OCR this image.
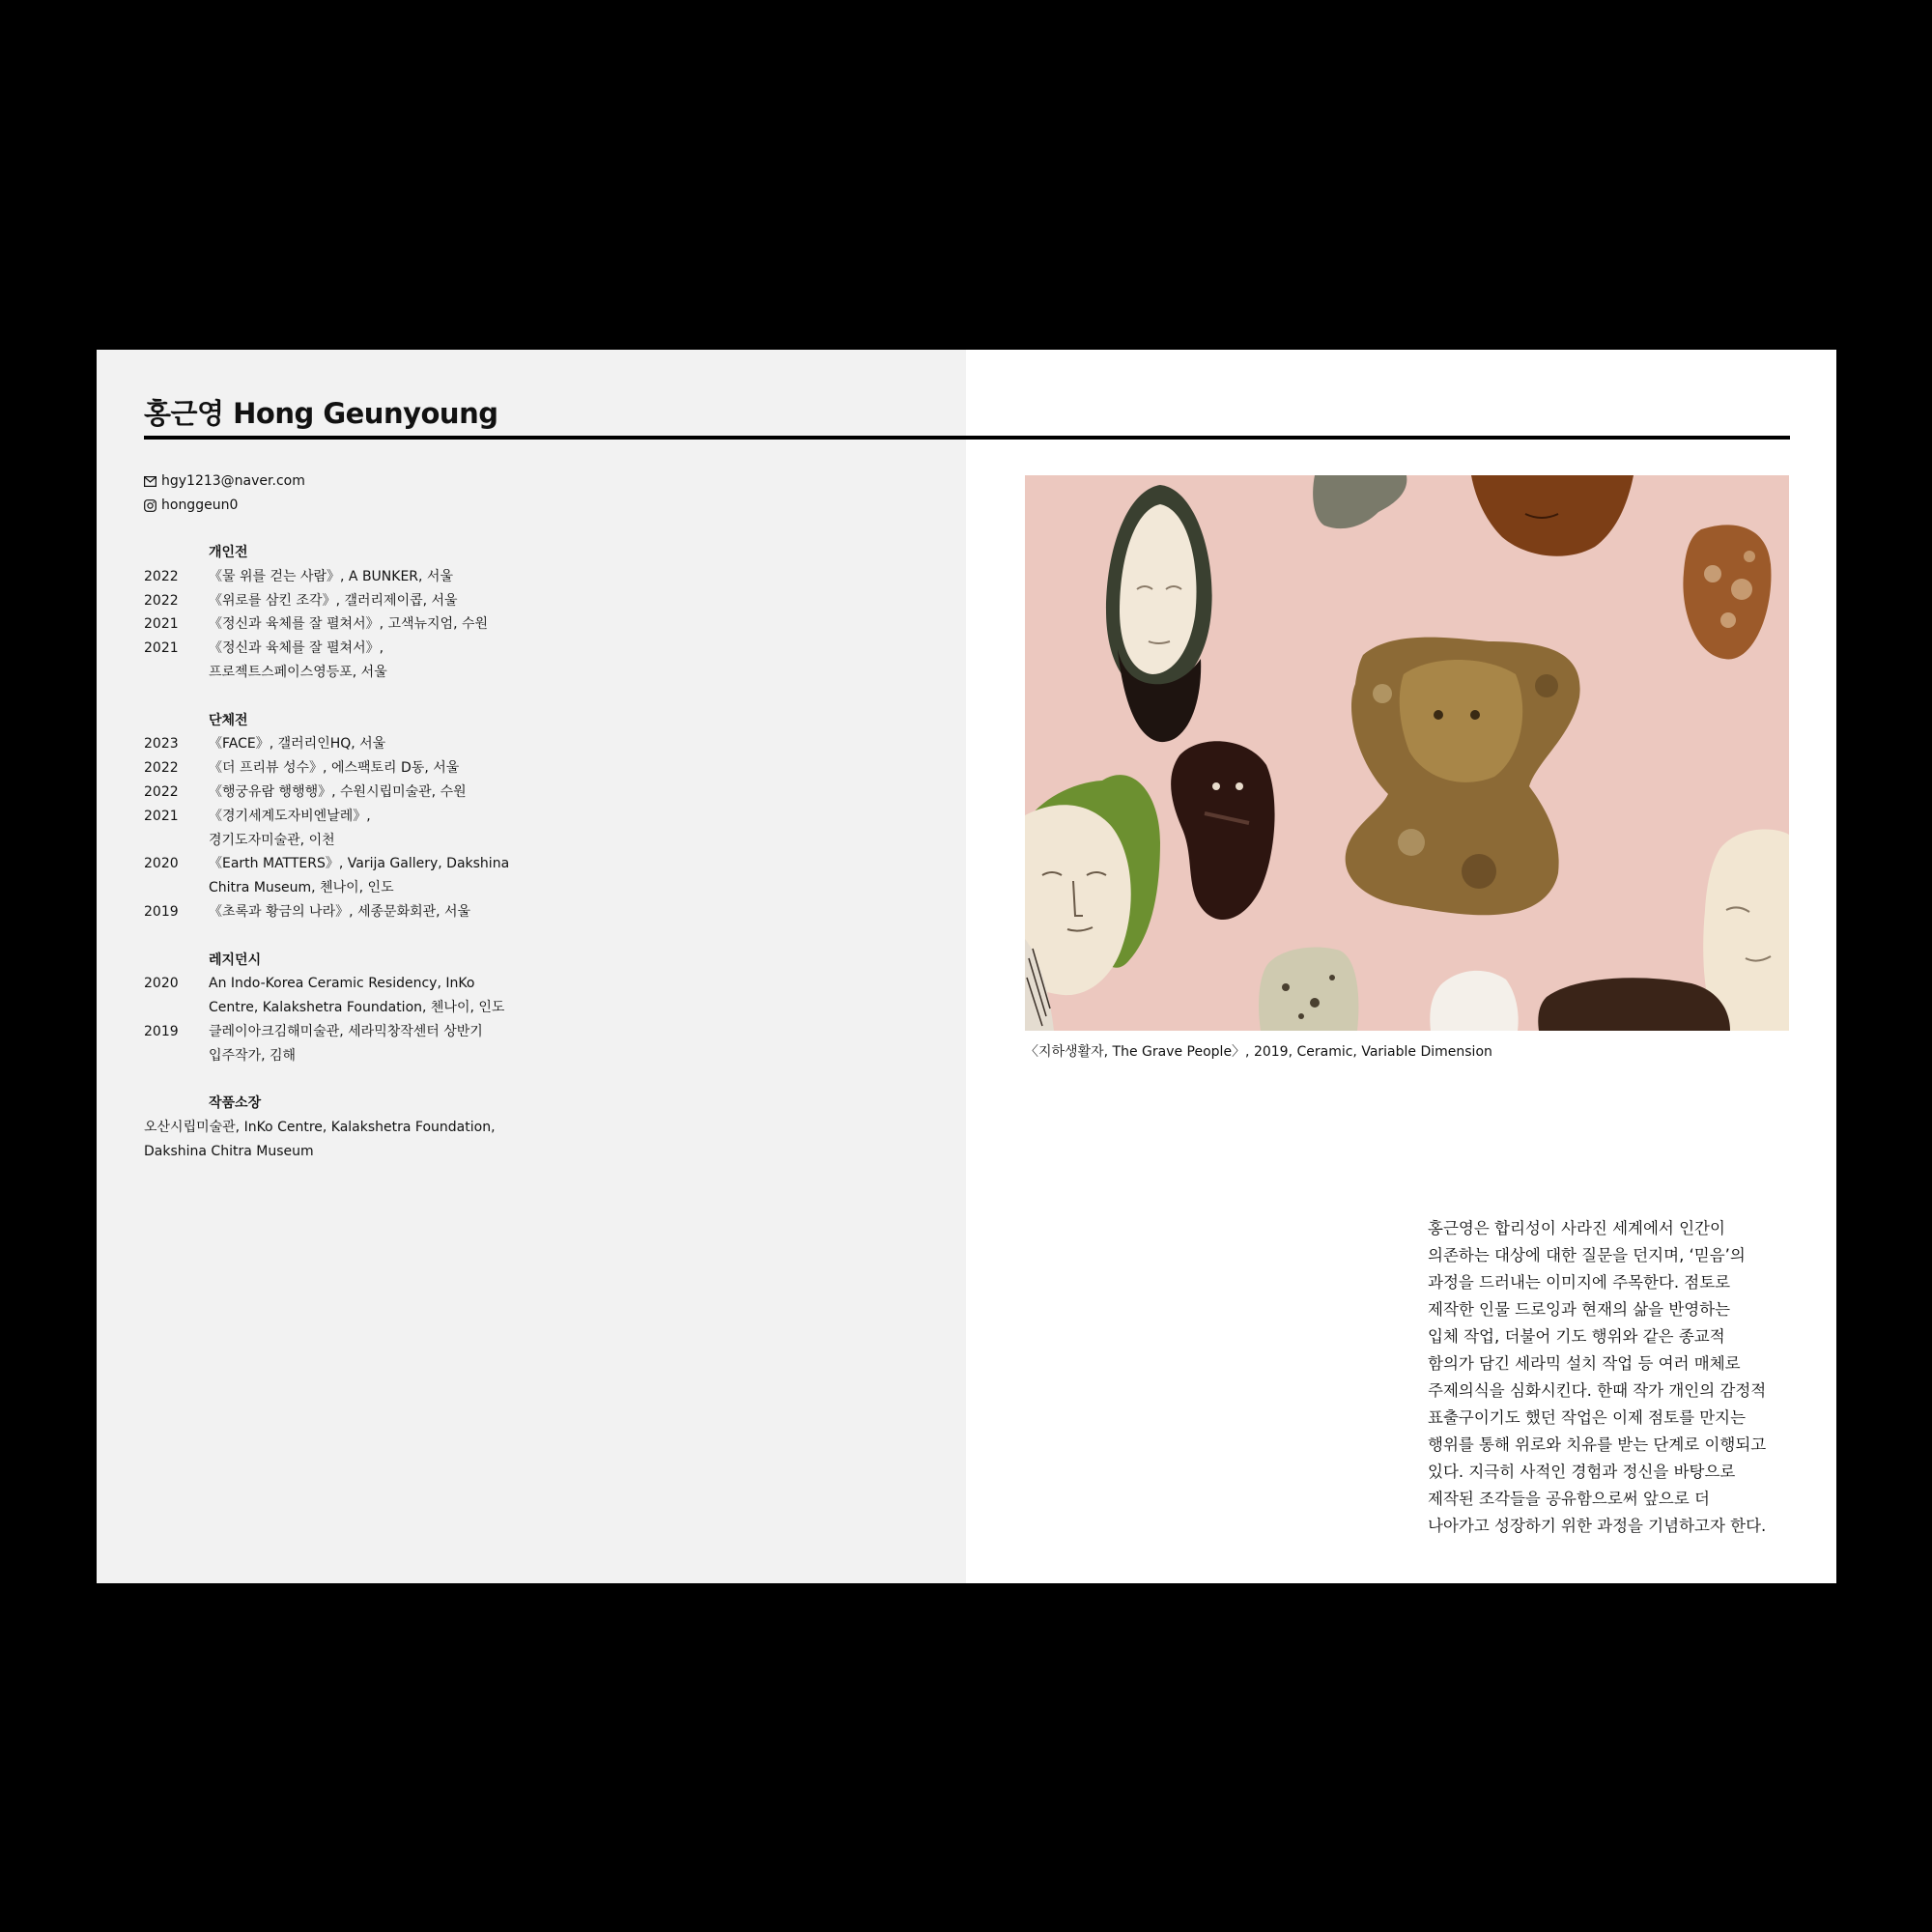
홍근영 Hong Geunyoung
hgy1213@naver.com
honggeun0
개인전
2022	《물 위를 걷는 사람》, A BUNKER, 서울
2022	《위로를 삼킨 조각》, 갤러리제이콥, 서울
2021	《정신과 육체를 잘 펼쳐서》, 고색뉴지엄, 수원
2021	《정신과 육체를 잘 펼쳐서》,
프로젝트스페이스영등포, 서울
단체전
2023	《FACE》, 갤러리인HQ, 서울
2022	《더 프리뷰 성수》, 에스팩토리 D동, 서울
2022	《행궁유람 행행행》, 수원시립미술관, 수원
2021	《경기세계도자비엔날레》,
경기도자미술관, 이천
2020	《Earth MATTERS》, Varija Gallery, Dakshina
Chitra Museum, 첸나이, 인도
2019	《초록과 황금의 나라》, 세종문화회관, 서울
레지던시
2020	An Indo-Korea Ceramic Residency, InKo
Centre, Kalakshetra Foundation, 첸나이, 인도
2019	클레이아크김해미술관, 세라믹창작센터 상반기
입주작가, 김해
작품소장
오산시립미술관, InKo Centre, Kalakshetra Foundation,
Dakshina Chitra Museum
〈지하생활자, The Grave People〉, 2019, Ceramic, Variable Dimension

홍근영은 합리성이 사라진 세계에서 인간이
의존하는 대상에 대한 질문을 던지며, ‘믿음’의
과정을 드러내는 이미지에 주목한다. 점토로
제작한 인물 드로잉과 현재의 삶을 반영하는
입체 작업, 더불어 기도 행위와 같은 종교적
함의가 담긴 세라믹 설치 작업 등 여러 매체로
주제의식을 심화시킨다. 한때 작가 개인의 감정적
표출구이기도 했던 작업은 이제 점토를 만지는
행위를 통해 위로와 치유를 받는 단계로 이행되고
있다. 지극히 사적인 경험과 정신을 바탕으로
제작된 조각들을 공유함으로써 앞으로 더
나아가고 성장하기 위한 과정을 기념하고자 한다.
